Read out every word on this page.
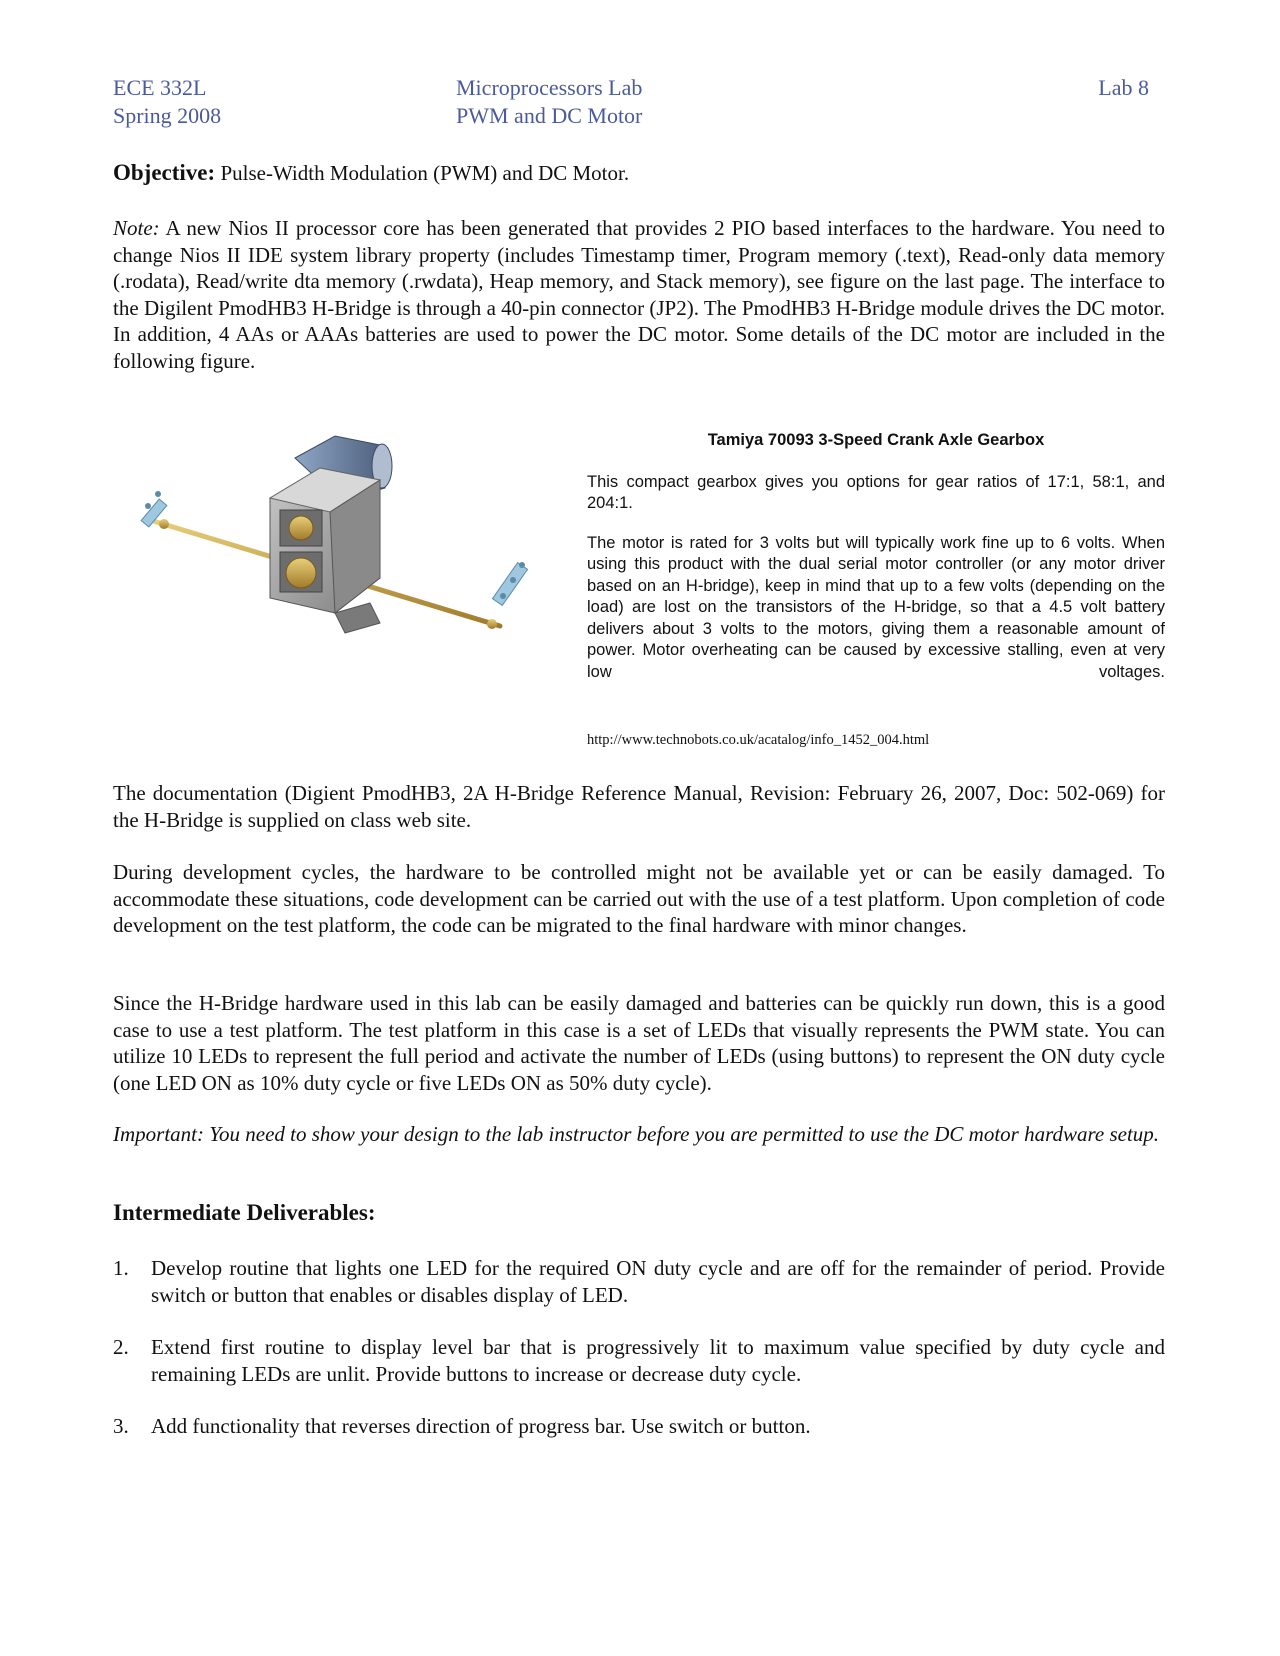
ECE 332L
Spring 2008
Microprocessors Lab
PWM and DC Motor
Lab 8
Objective: Pulse-Width Modulation (PWM) and DC Motor.
Note: A new Nios II processor core has been generated that provides 2 PIO based interfaces to the hardware. You need to change Nios II IDE system library property (includes Timestamp timer, Program memory (.text), Read-only data memory (.rodata), Read/write dta memory (.rwdata), Heap memory, and Stack memory), see figure on the last page. The interface to the Digilent PmodHB3 H-Bridge is through a 40-pin connector (JP2). The PmodHB3 H-Bridge module drives the DC motor. In addition, 4 AAs or AAAs batteries are used to power the DC motor. Some details of the DC motor are included in the following figure.
Tamiya 70093 3-Speed Crank Axle Gearbox

This compact gearbox gives you options for gear ratios of 17:1, 58:1, and 204:1.

The motor is rated for 3 volts but will typically work fine up to 6 volts. When using this product with the dual serial motor controller (or any motor driver based on an H-bridge), keep in mind that up to a few volts (depending on the load) are lost on the transistors of the H-bridge, so that a 4.5 volt battery delivers about 3 volts to the motors, giving them a reasonable amount of power. Motor overheating can be caused by excessive stalling, even at very low voltages.

http://www.technobots.co.uk/acatalog/info_1452_004.html
The documentation (Digient PmodHB3, 2A H-Bridge Reference Manual, Revision: February 26, 2007, Doc: 502-069) for the H-Bridge is supplied on class web site.
During development cycles, the hardware to be controlled might not be available yet or can be easily damaged. To accommodate these situations, code development can be carried out with the use of a test platform. Upon completion of code development on the test platform, the code can be migrated to the final hardware with minor changes.
Since the H-Bridge hardware used in this lab can be easily damaged and batteries can be quickly run down, this is a good case to use a test platform. The test platform in this case is a set of LEDs that visually represents the PWM state. You can utilize 10 LEDs to represent the full period and activate the number of LEDs (using buttons) to represent the ON duty cycle (one LED ON as 10% duty cycle or five LEDs ON as 50% duty cycle).
Important: You need to show your design to the lab instructor before you are permitted to use the DC motor hardware setup.
Intermediate Deliverables:
1. Develop routine that lights one LED for the required ON duty cycle and are off for the remainder of period. Provide switch or button that enables or disables display of LED.
2. Extend first routine to display level bar that is progressively lit to maximum value specified by duty cycle and remaining LEDs are unlit. Provide buttons to increase or decrease duty cycle.
3. Add functionality that reverses direction of progress bar. Use switch or button.
